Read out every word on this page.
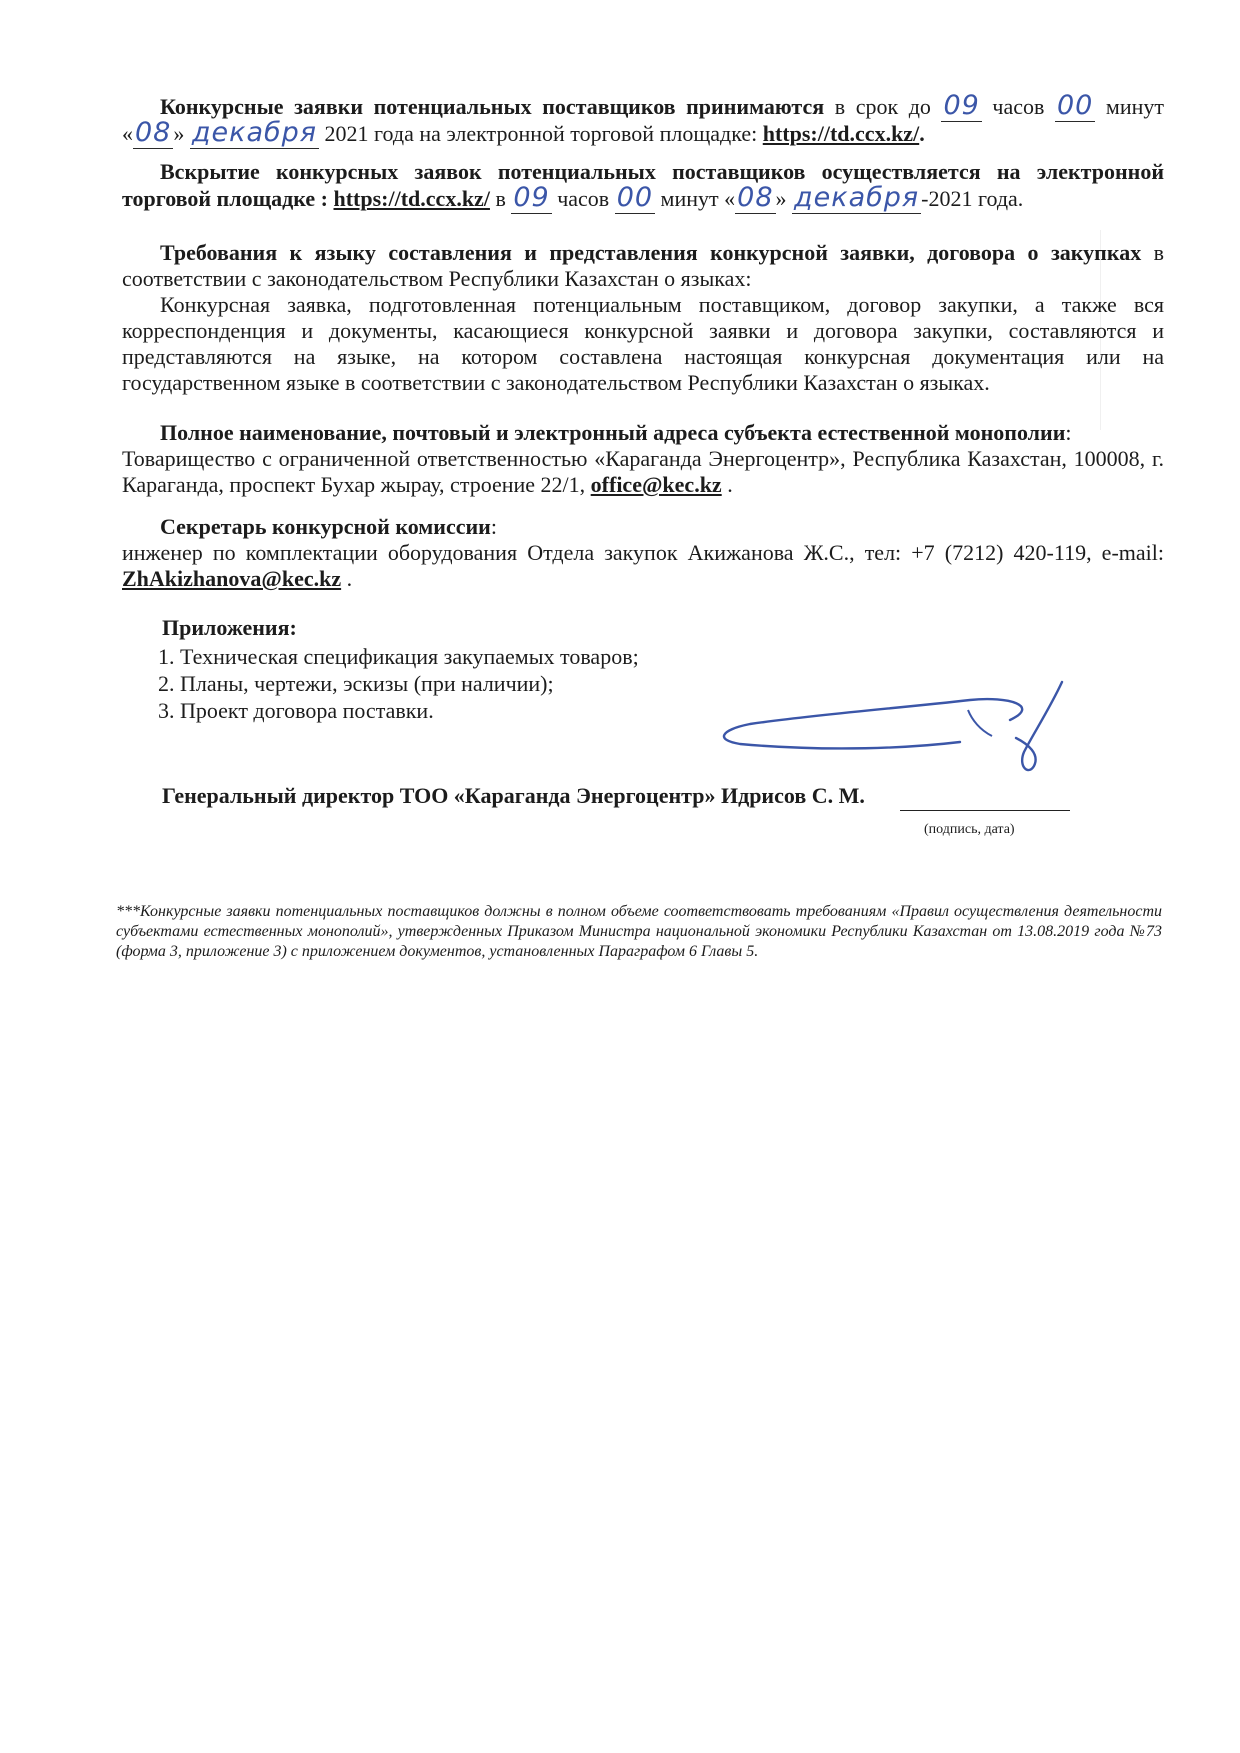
Конкурсные заявки потенциальных поставщиков принимаются в срок до 09 часов 00 минут «08» декабря 2021 года на электронной торговой площадке: https://td.ccx.kz/.
Вскрытие конкурсных заявок потенциальных поставщиков осуществляется на электронной торговой площадке : https://td.ccx.kz/ в 09 часов 00 минут «08» декабря-2021 года.
Требования к языку составления и представления конкурсной заявки, договора о закупках в соответствии с законодательством Республики Казахстан о языках:
Конкурсная заявка, подготовленная потенциальным поставщиком, договор закупки, а также вся корреспонденция и документы, касающиеся конкурсной заявки и договора закупки, составляются и представляются на языке, на котором составлена настоящая конкурсная документация или на государственном языке в соответствии с законодательством Республики Казахстан о языках.
Полное наименование, почтовый и электронный адреса субъекта естественной монополии:
Товарищество с ограниченной ответственностью «Караганда Энергоцентр», Республика Казахстан, 100008, г. Караганда, проспект Бухар жырау, строение 22/1, office@kec.kz .
Секретарь конкурсной комиссии:
инженер по комплектации оборудования Отдела закупок Акижанова Ж.С., тел: +7 (7212) 420-119, e-mail: ZhAkizhanova@kec.kz .
Приложения:
1. Техническая спецификация закупаемых товаров;
2. Планы, чертежи, эскизы (при наличии);
3. Проект договора поставки.
Генеральный директор ТОО «Караганда Энергоцентр» Идрисов С. М.
(подпись, дата)
***Конкурсные заявки потенциальных поставщиков должны в полном объеме соответствовать требованиям «Правил осуществления деятельности субъектами естественных монополий», утвержденных Приказом Министра национальной экономики Республики Казахстан от 13.08.2019 года №73 (форма 3, приложение 3) с приложением документов, установленных Параграфом 6 Главы 5.
